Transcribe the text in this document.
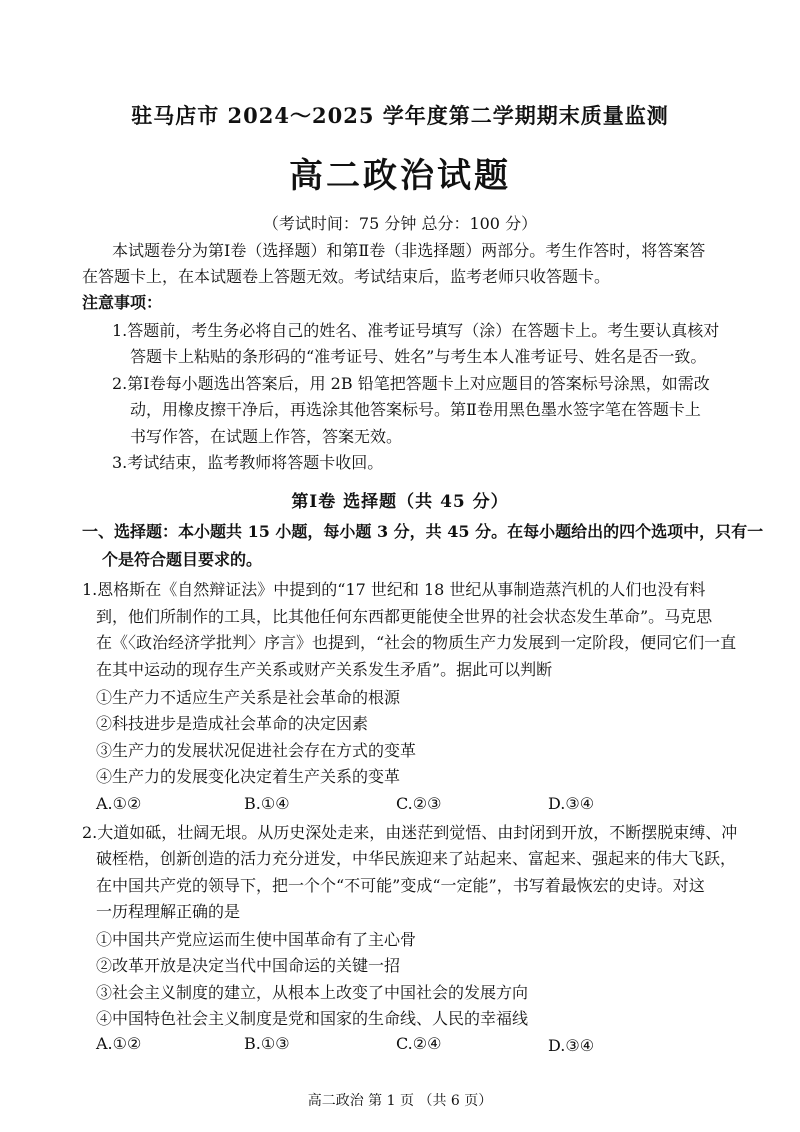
驻马店市 2024～2025 学年度第二学期期末质量监测
高二政治试题
（考试时间：75 分钟 总分：100 分）
本试题卷分为第Ⅰ卷（选择题）和第Ⅱ卷（非选择题）两部分。考生作答时，将答案答
在答题卡上，在本试题卷上答题无效。考试结束后，监考老师只收答题卡。
注意事项：
1.答题前，考生务必将自己的姓名、准考证号填写（涂）在答题卡上。考生要认真核对
答题卡上粘贴的条形码的“准考证号、姓名”与考生本人准考证号、姓名是否一致。
2.第Ⅰ卷每小题选出答案后，用 2B 铅笔把答题卡上对应题目的答案标号涂黑，如需改
动，用橡皮擦干净后，再选涂其他答案标号。第Ⅱ卷用黑色墨水签字笔在答题卡上
书写作答，在试题上作答，答案无效。
3.考试结束，监考教师将答题卡收回。
第Ⅰ卷 选择题（共 45 分）
一、选择题：本小题共 15 小题，每小题 3 分，共 45 分。在每小题给出的四个选项中，只有一
个是符合题目要求的。
1.恩格斯在《自然辩证法》中提到的“17 世纪和 18 世纪从事制造蒸汽机的人们也没有料
到，他们所制作的工具，比其他任何东西都更能使全世界的社会状态发生革命”。马克思
在《〈政治经济学批判〉序言》也提到，“社会的物质生产力发展到一定阶段，便同它们一直
在其中运动的现存生产关系或财产关系发生矛盾”。据此可以判断
①生产力不适应生产关系是社会革命的根源
②科技进步是造成社会革命的决定因素
③生产力的发展状况促进社会存在方式的变革
④生产力的发展变化决定着生产关系的变革
A.①②	B.①④	C.②③	D.③④
2.大道如砥，壮阔无垠。从历史深处走来，由迷茫到觉悟、由封闭到开放，不断摆脱束缚、冲
破桎梏，创新创造的活力充分迸发，中华民族迎来了站起来、富起来、强起来的伟大飞跃，
在中国共产党的领导下，把一个个“不可能”变成“一定能”，书写着最恢宏的史诗。对这
一历程理解正确的是
①中国共产党应运而生使中国革命有了主心骨
②改革开放是决定当代中国命运的关键一招
③社会主义制度的建立，从根本上改变了中国社会的发展方向
④中国特色社会主义制度是党和国家的生命线、人民的幸福线
A.①②	B.①③	C.②④	D.③④
高二政治 第 1 页 （共 6 页）
